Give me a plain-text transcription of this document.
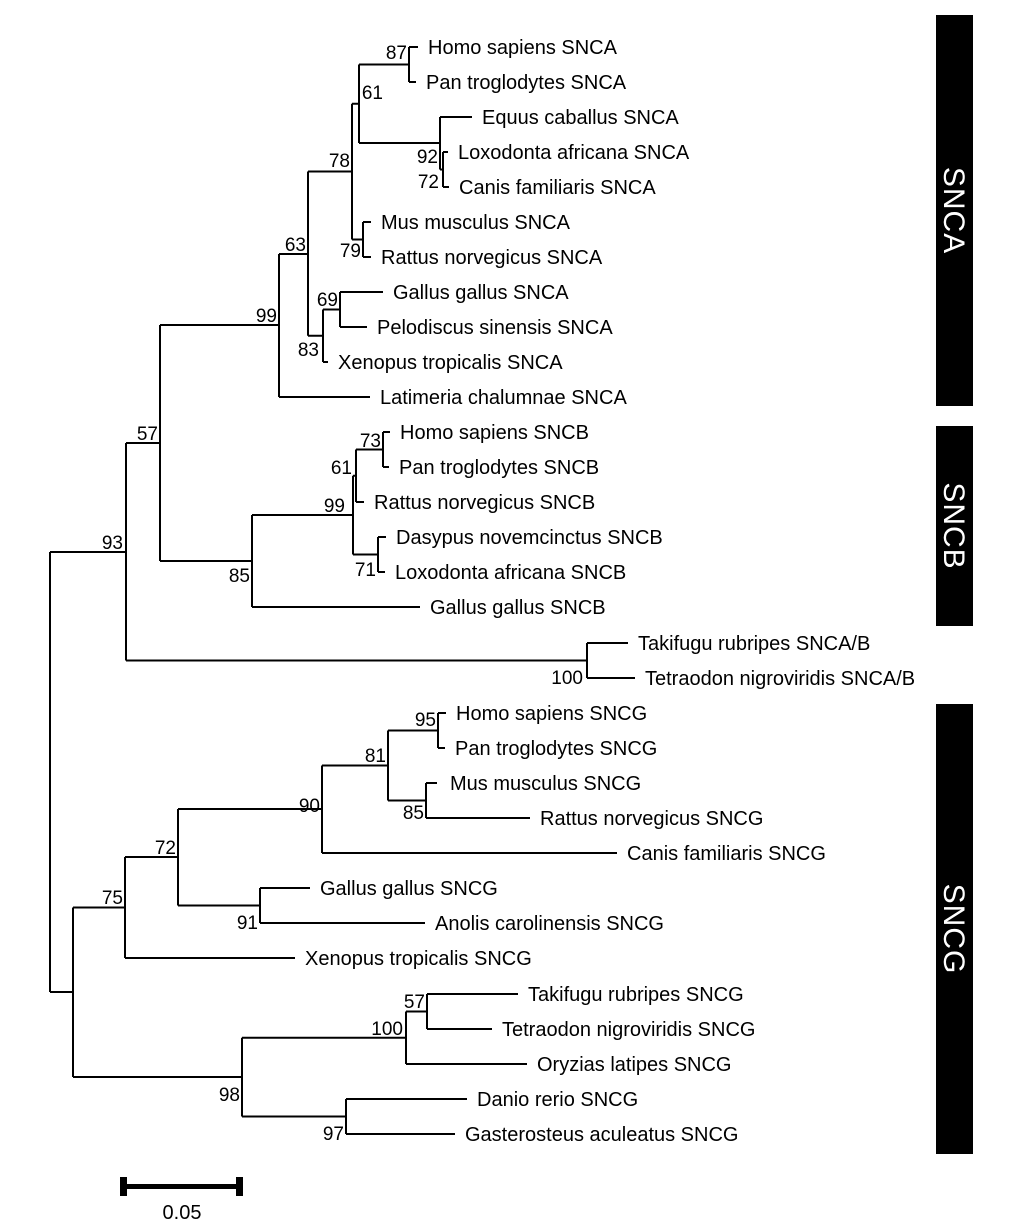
Homo sapiens SNCA
Pan troglodytes SNCA
Equus caballus SNCA
Loxodonta africana SNCA
Canis familiaris SNCA
Mus musculus SNCA
Rattus norvegicus SNCA
Gallus gallus SNCA
Pelodiscus sinensis SNCA
Xenopus tropicalis SNCA
Latimeria chalumnae SNCA
Homo sapiens SNCB
Pan troglodytes SNCB
Rattus norvegicus SNCB
Dasypus novemcinctus SNCB
Loxodonta africana SNCB
Gallus gallus SNCB
Takifugu rubripes SNCA/B
Tetraodon nigroviridis SNCA/B
Homo sapiens SNCG
Pan troglodytes SNCG
Mus musculus SNCG
Rattus norvegicus SNCG
Canis familiaris SNCG
Gallus gallus SNCG
Anolis carolinensis SNCG
Xenopus tropicalis SNCG
Takifugu rubripes SNCG
Tetraodon nigroviridis SNCG
Oryzias latipes SNCG
Danio rerio SNCG
Gasterosteus aculeatus SNCG
87
61
92
72
78
79
63
99
69
83
57
93
73
61
99
71
85
100
95
81
85
90
72
75
91
57
100
98
97
SNCA
SNCB
SNCG
0.05
